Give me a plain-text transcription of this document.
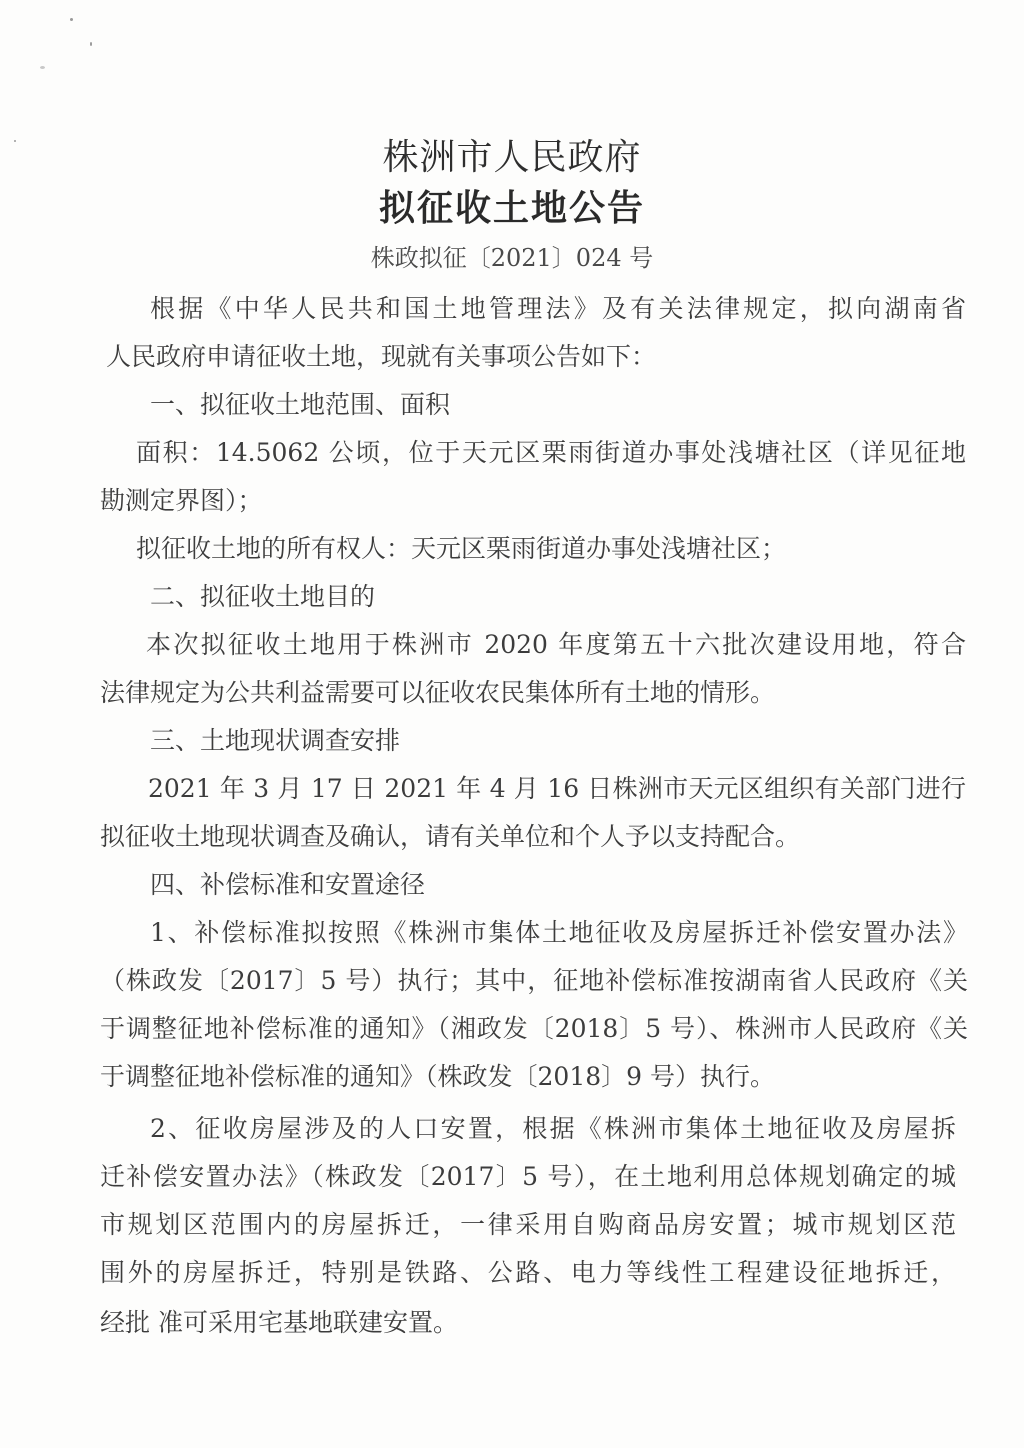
株洲市人民政府
拟征收土地公告
株政拟征〔2021〕024 号
根据《中华人民共和国土地管理法》及有关法律规定，拟向湖南省
人民政府申请征收土地，现就有关事项公告如下：
一、拟征收土地范围、面积
面积：14.5062 公顷，位于天元区栗雨街道办事处浅塘社区（详见征地
勘测定界图）；
拟征收土地的所有权人：天元区栗雨街道办事处浅塘社区；
二、拟征收土地目的
本次拟征收土地用于株洲市 2020 年度第五十六批次建设用地，符合
法律规定为公共利益需要可以征收农民集体所有土地的情形。
三、土地现状调查安排
2021 年 3 月 17 日 2021 年 4 月 16 日株洲市天元区组织有关部门进行
拟征收土地现状调查及确认，请有关单位和个人予以支持配合。
四、补偿标准和安置途径
1、补偿标准拟按照《株洲市集体土地征收及房屋拆迁补偿安置办法》
（株政发〔2017〕5 号）执行；其中，征地补偿标准按湖南省人民政府《关
于调整征地补偿标准的通知》（湘政发〔2018〕5 号）、株洲市人民政府《关
于调整征地补偿标准的通知》（株政发〔2018〕9 号）执行。
2、征收房屋涉及的人口安置，根据《株洲市集体土地征收及房屋拆
迁补偿安置办法》（株政发〔2017〕5 号），在土地利用总体规划确定的城
市规划区范围内的房屋拆迁，一律采用自购商品房安置；城市规划区范
围外的房屋拆迁，特别是铁路、公路、电力等线性工程建设征地拆迁，
经批 准可采用宅基地联建安置。
